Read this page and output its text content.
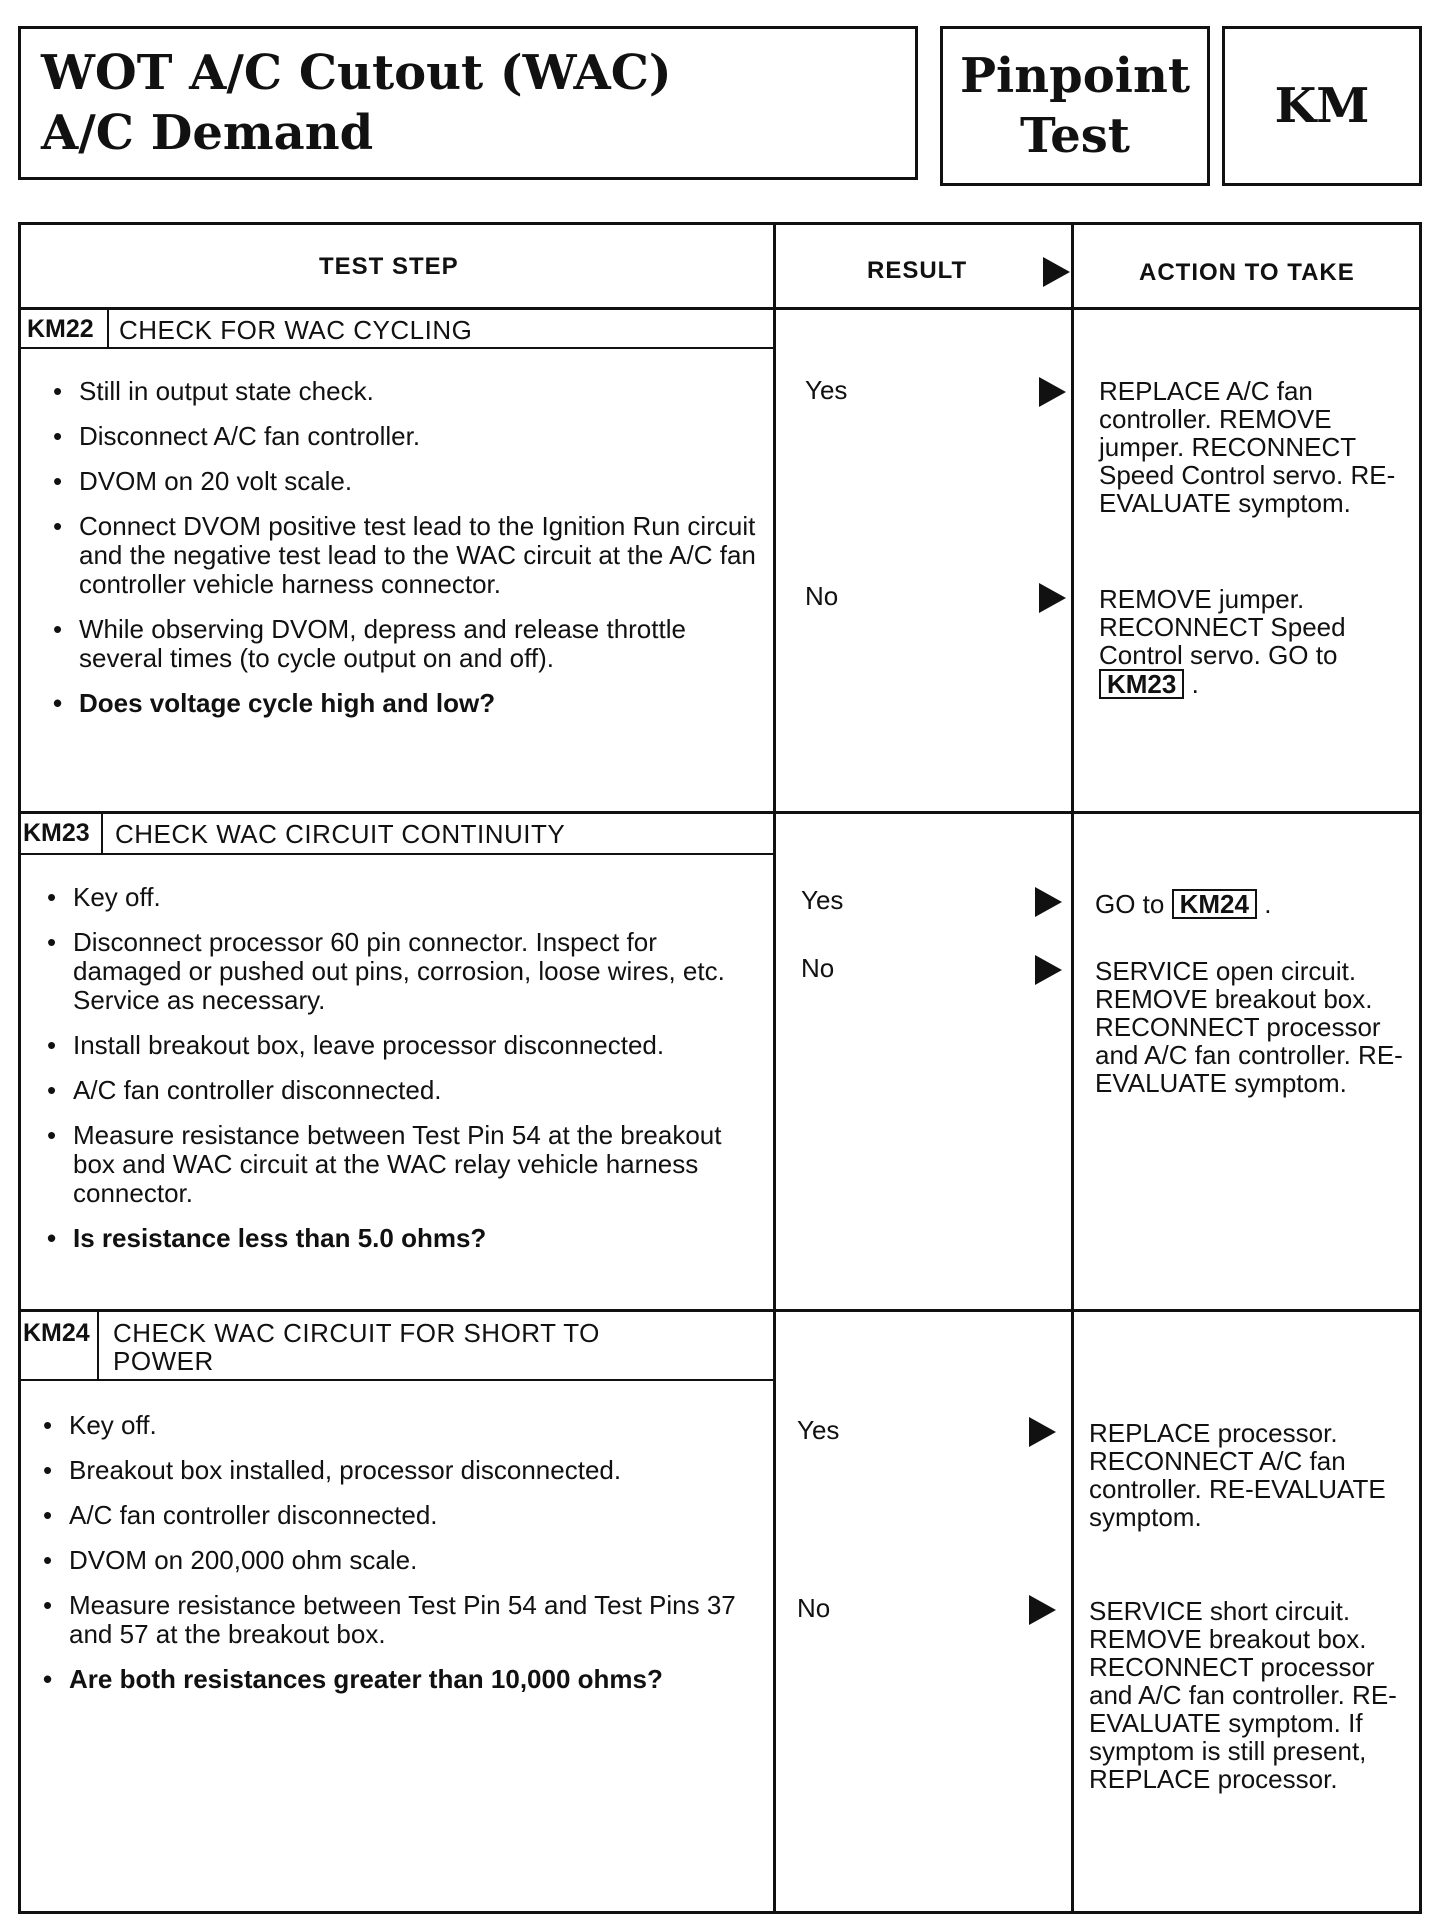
WOT A/C Cutout (WAC)
A/C Demand
Pinpoint
Test
KM
TEST STEP	RESULT	ACTION TO TAKE
KM22 CHECK FOR WAC CYCLING
• Still in output state check.
• Disconnect A/C fan controller.
• DVOM on 20 volt scale.
• Connect DVOM positive test lead to the Ignition Run circuit and the negative test lead to the WAC circuit at the A/C fan controller vehicle harness connector.
• While observing DVOM, depress and release throttle several times (to cycle output on and off).
• Does voltage cycle high and low?
Yes	REPLACE A/C fan controller. REMOVE jumper. RECONNECT Speed Control servo. RE-EVALUATE symptom.
No	REMOVE jumper. RECONNECT Speed Control servo. GO to KM23 .
KM23 CHECK WAC CIRCUIT CONTINUITY
• Key off.
• Disconnect processor 60 pin connector. Inspect for damaged or pushed out pins, corrosion, loose wires, etc. Service as necessary.
• Install breakout box, leave processor disconnected.
• A/C fan controller disconnected.
• Measure resistance between Test Pin 54 at the breakout box and WAC circuit at the WAC relay vehicle harness connector.
• Is resistance less than 5.0 ohms?
Yes	GO to KM24 .
No	SERVICE open circuit. REMOVE breakout box. RECONNECT processor and A/C fan controller. RE-EVALUATE symptom.
KM24 CHECK WAC CIRCUIT FOR SHORT TO POWER
• Key off.
• Breakout box installed, processor disconnected.
• A/C fan controller disconnected.
• DVOM on 200,000 ohm scale.
• Measure resistance between Test Pin 54 and Test Pins 37 and 57 at the breakout box.
• Are both resistances greater than 10,000 ohms?
Yes	REPLACE processor. RECONNECT A/C fan controller. RE-EVALUATE symptom.
No	SERVICE short circuit. REMOVE breakout box. RECONNECT processor and A/C fan controller. RE-EVALUATE symptom. If symptom is still present, REPLACE processor.
